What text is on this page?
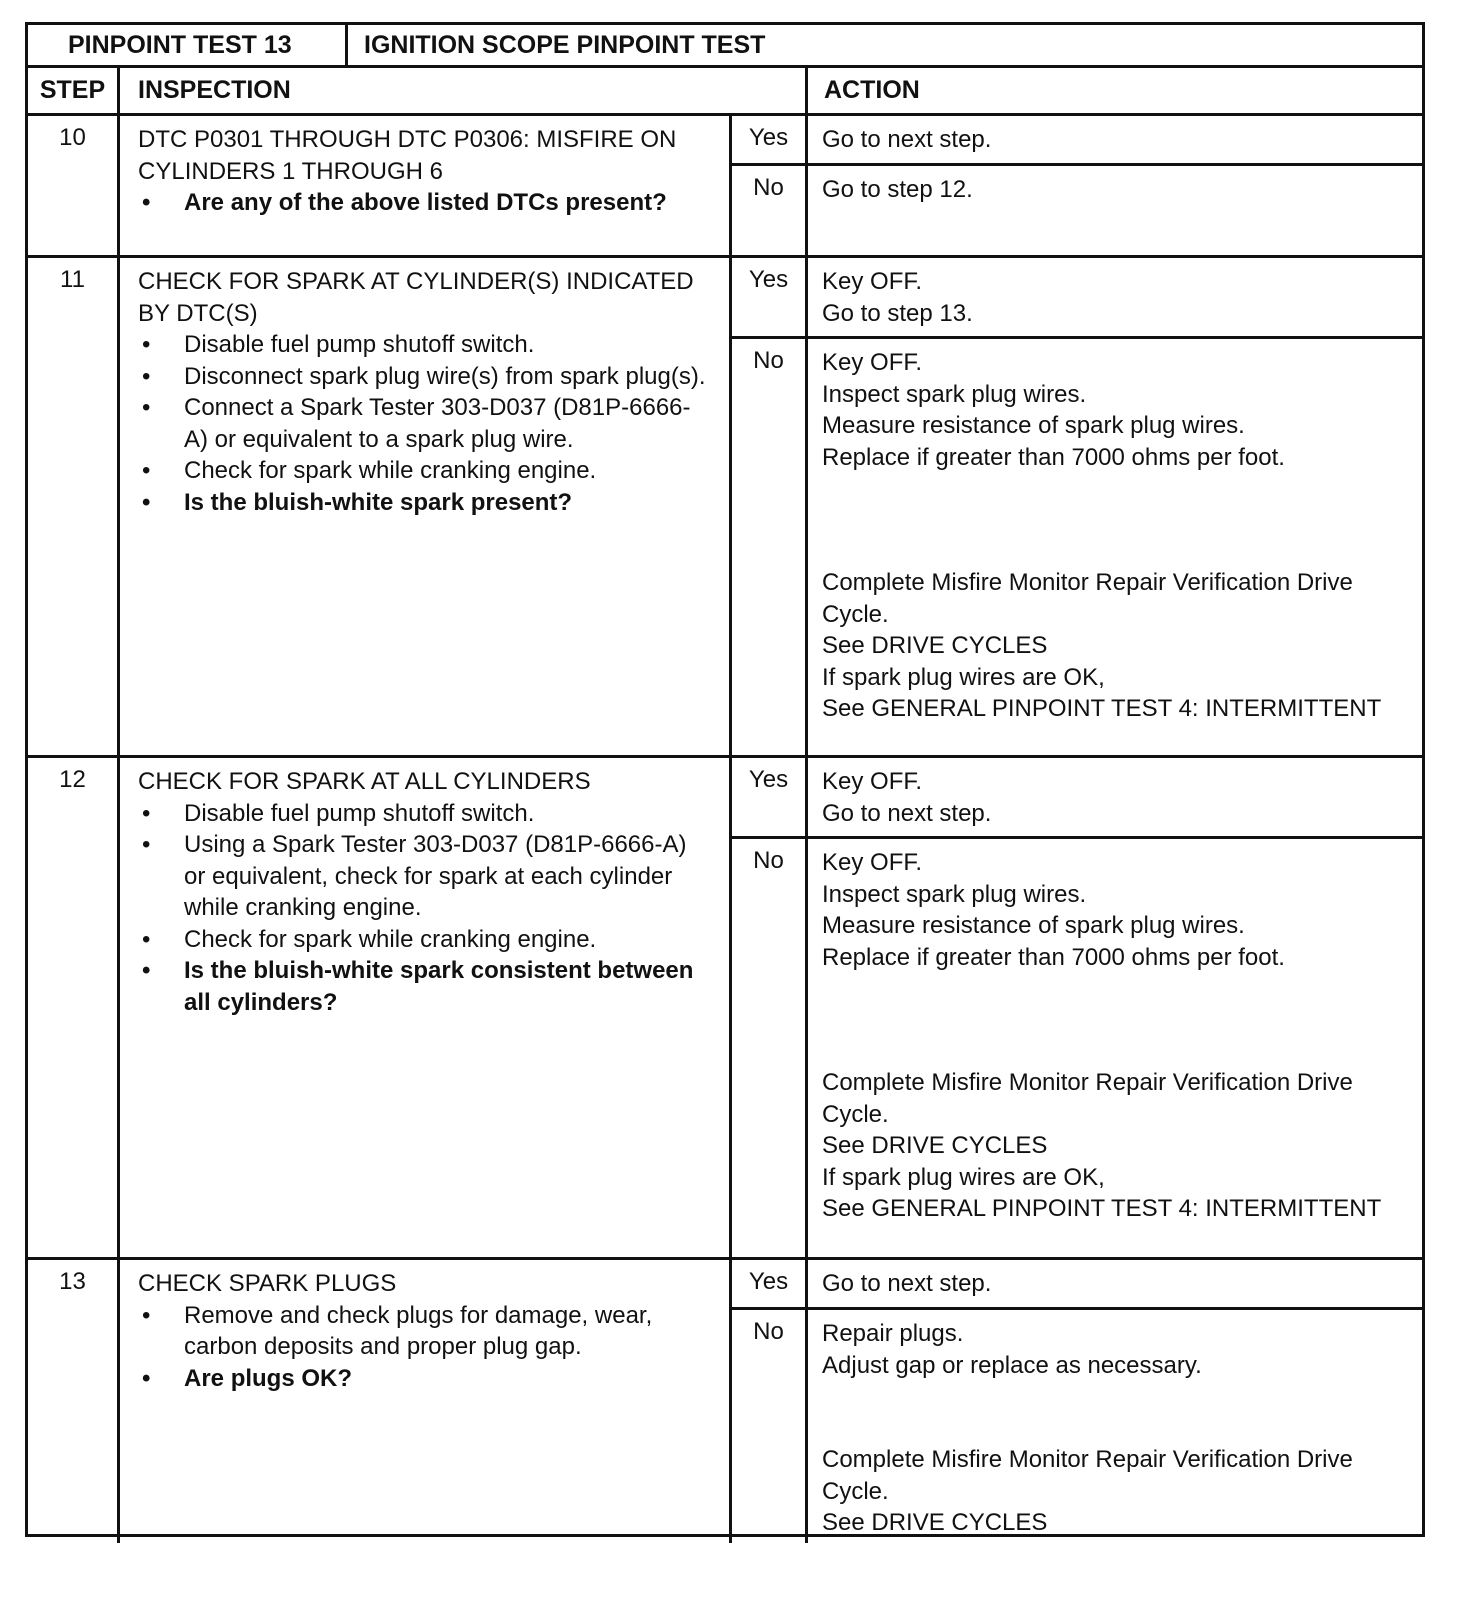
PINPOINT TEST 13	IGNITION SCOPE PINPOINT TEST
STEP	INSPECTION	ACTION
10	DTC P0301 THROUGH DTC P0306: MISFIRE ON CYLINDERS 1 THROUGH 6
• Are any of the above listed DTCs present?
Yes	Go to next step.
No	Go to step 12.
11	CHECK FOR SPARK AT CYLINDER(S) INDICATED BY DTC(S)
• Disable fuel pump shutoff switch.
• Disconnect spark plug wire(s) from spark plug(s).
• Connect a Spark Tester 303-D037 (D81P-6666-A) or equivalent to a spark plug wire.
• Check for spark while cranking engine.
• Is the bluish-white spark present?
Yes	Key OFF.
Go to step 13.
No	Key OFF.
Inspect spark plug wires.
Measure resistance of spark plug wires.
Replace if greater than 7000 ohms per foot.
Complete Misfire Monitor Repair Verification Drive Cycle.
See DRIVE CYCLES
If spark plug wires are OK,
See GENERAL PINPOINT TEST 4: INTERMITTENT
12	CHECK FOR SPARK AT ALL CYLINDERS
• Disable fuel pump shutoff switch.
• Using a Spark Tester 303-D037 (D81P-6666-A) or equivalent, check for spark at each cylinder while cranking engine.
• Check for spark while cranking engine.
• Is the bluish-white spark consistent between all cylinders?
Yes	Key OFF.
Go to next step.
No	Key OFF.
Inspect spark plug wires.
Measure resistance of spark plug wires.
Replace if greater than 7000 ohms per foot.
Complete Misfire Monitor Repair Verification Drive Cycle.
See DRIVE CYCLES
If spark plug wires are OK,
See GENERAL PINPOINT TEST 4: INTERMITTENT
13	CHECK SPARK PLUGS
• Remove and check plugs for damage, wear, carbon deposits and proper plug gap.
• Are plugs OK?
Yes	Go to next step.
No	Repair plugs.
Adjust gap or replace as necessary.
Complete Misfire Monitor Repair Verification Drive Cycle.
See DRIVE CYCLES
